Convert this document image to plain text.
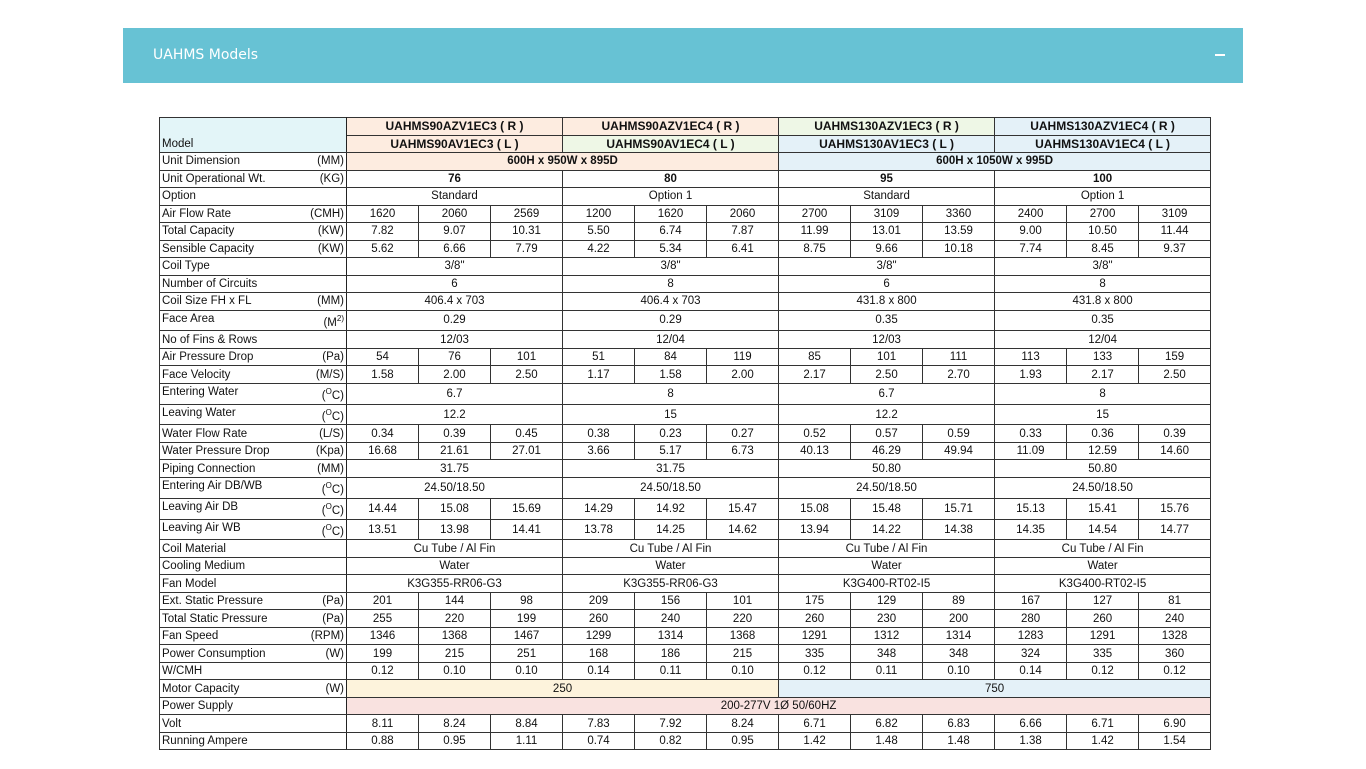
UAHMS Models
Model	UAHMS90AZV1EC3 ( R )			UAHMS90AZV1EC4 ( R )			UAHMS130AZV1EC3 ( R )			UAHMS130AZV1EC4 ( R )		
	UAHMS90AV1EC3 ( L )			UAHMS90AV1EC4 ( L )			UAHMS130AV1EC3 ( L )			UAHMS130AV1EC4 ( L )		

Unit Dimension (MM)	600H x 950W x 895D						600H x 1050W x 995D					

Unit Operational Wt. (KG)	76			80			95			100		

Option	Standard			Option 1			Standard			Option 1		

Air Flow Rate (CMH)	1620	2060	2569	1200	1620	2060	2700	3109	3360	2400	2700	3109

Total Capacity (KW)	7.82	9.07	10.31	5.50	6.74	7.87	11.99	13.01	13.59	9.00	10.50	11.44

Sensible Capacity (KW)	5.62	6.66	7.79	4.22	5.34	6.41	8.75	9.66	10.18	7.74	8.45	9.37

Coil Type	3/8"			3/8"			3/8"			3/8"		

Number of Circuits	6			8			6			8		

Coil Size FH x FL (MM)	406.4 x 703			406.4 x 703			431.8 x 800			431.8 x 800		

Face Area ($M^{2)}$	0.29			0.29			0.35			0.35		

No of Fins & Rows	12/03			12/04			12/03			12/04		

Air Pressure Drop (Pa)	54	76	101	51	84	119	85	101	111	113	133	159

Face Velocity (M/S)	1.58	2.00	2.50	1.17	1.58	2.00	2.17	2.50	2.70	1.93	2.17	2.50

Entering Water ($^O$C)	6.7			8			6.7			8		

Leaving Water ($^O$C)	12.2			15			12.2			15		

Water Flow Rate (L/S)	0.34	0.39	0.45	0.38	0.23	0.27	0.52	0.57	0.59	0.33	0.36	0.39

Water Pressure Drop (Kpa)	16.68	21.61	27.01	3.66	5.17	6.73	40.13	46.29	49.94	11.09	12.59	14.60

Piping Connection (MM)	31.75			31.75			50.80			50.80		

Entering Air DB/WB ($^O$C)	24.50/18.50			24.50/18.50			24.50/18.50			24.50/18.50		

Leaving Air DB ($^O$C)	14.44	15.08	15.69	14.29	14.92	15.47	15.08	15.48	15.71	15.13	15.41	15.76

Leaving Air WB ($^O$C)	13.51	13.98	14.41	13.78	14.25	14.62	13.94	14.22	14.38	14.35	14.54	14.77

Coil Material	Cu Tube / Al Fin			Cu Tube / Al Fin			Cu Tube / Al Fin			Cu Tube / Al Fin		

Cooling Medium	Water			Water			Water			Water		

Fan Model	K3G355-RR06-G3			K3G355-RR06-G3			K3G400-RT02-I5			K3G400-RT02-I5		

Ext. Static Pressure (Pa)	201	144	98	209	156	101	175	129	89	167	127	81

Total Static Pressure (Pa)	255	220	199	260	240	220	260	230	200	280	260	240

Fan Speed (RPM)	1346	1368	1467	1299	1314	1368	1291	1312	1314	1283	1291	1328

Power Consumption (W)	199	215	251	168	186	215	335	348	348	324	335	360

W/CMH	0.12	0.10	0.10	0.14	0.11	0.10	0.12	0.11	0.10	0.14	0.12	0.12

Motor Capacity (W)	250						750					

Power Supply	200-277V 1Ø 50/60HZ											

Volt	8.11	8.24	8.84	7.83	7.92	8.24	6.71	6.82	6.83	6.66	6.71	6.90

Running Ampere	0.88	0.95	1.11	0.74	0.82	0.95	1.42	1.48	1.48	1.38	1.42	1.54
